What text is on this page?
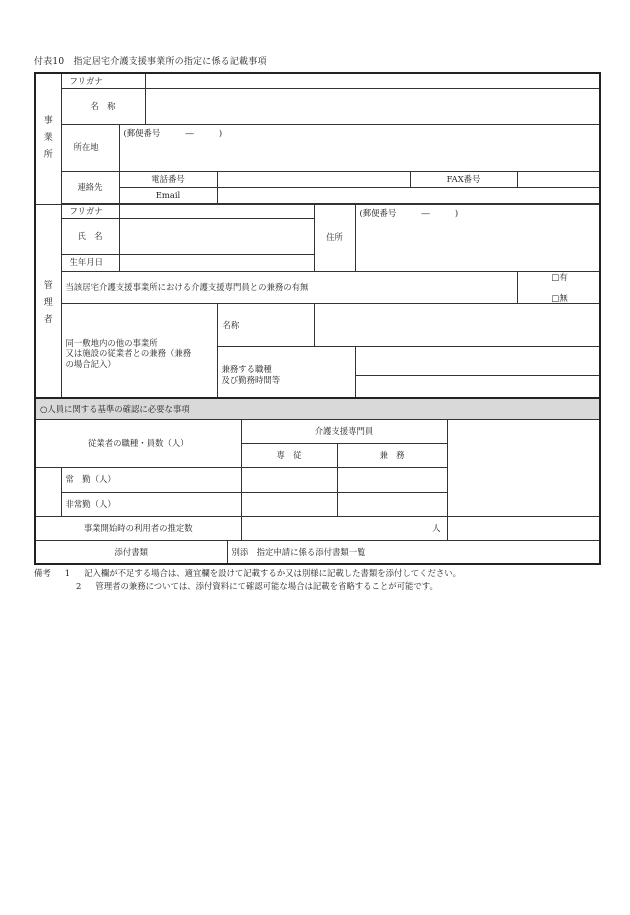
付表10　指定居宅介護支援事業所の指定に係る記載事項
事業所	フリガナ							
	名　称							
	所在地	(郵便番号　　　―　　　)						
	連絡先	電話番号					FAX番号	
		Email						

管理者	フリガナ				住所	(郵便番号　　　―　　　)		
	氏　名							
	生年月日							
	当該居宅介護支援事業所における介護支援専門員との兼務の有無							□有  □無

	同一敷地内の他の事業所
又は施設の従業者との兼務（兼務
の場合記入）			名称				

				兼務する職種
及び勤務時間等				

○人員に関する基準の確認に必要な事項						
従業者の職種・員数（人）			介護支援専門員			
			専　従	兼　務		
	常　勤（人）					
	非常勤（人）					
事業開始時の利用者の推定数			人			
添付書類		別添　指定申請に係る添付書類一覧				
備考 1 記入欄が不足する場合は、適宜欄を設けて記載するか又は別様に記載した書類を添付してください。
2 管理者の兼務については、添付資料にて確認可能な場合は記載を省略することが可能です。
